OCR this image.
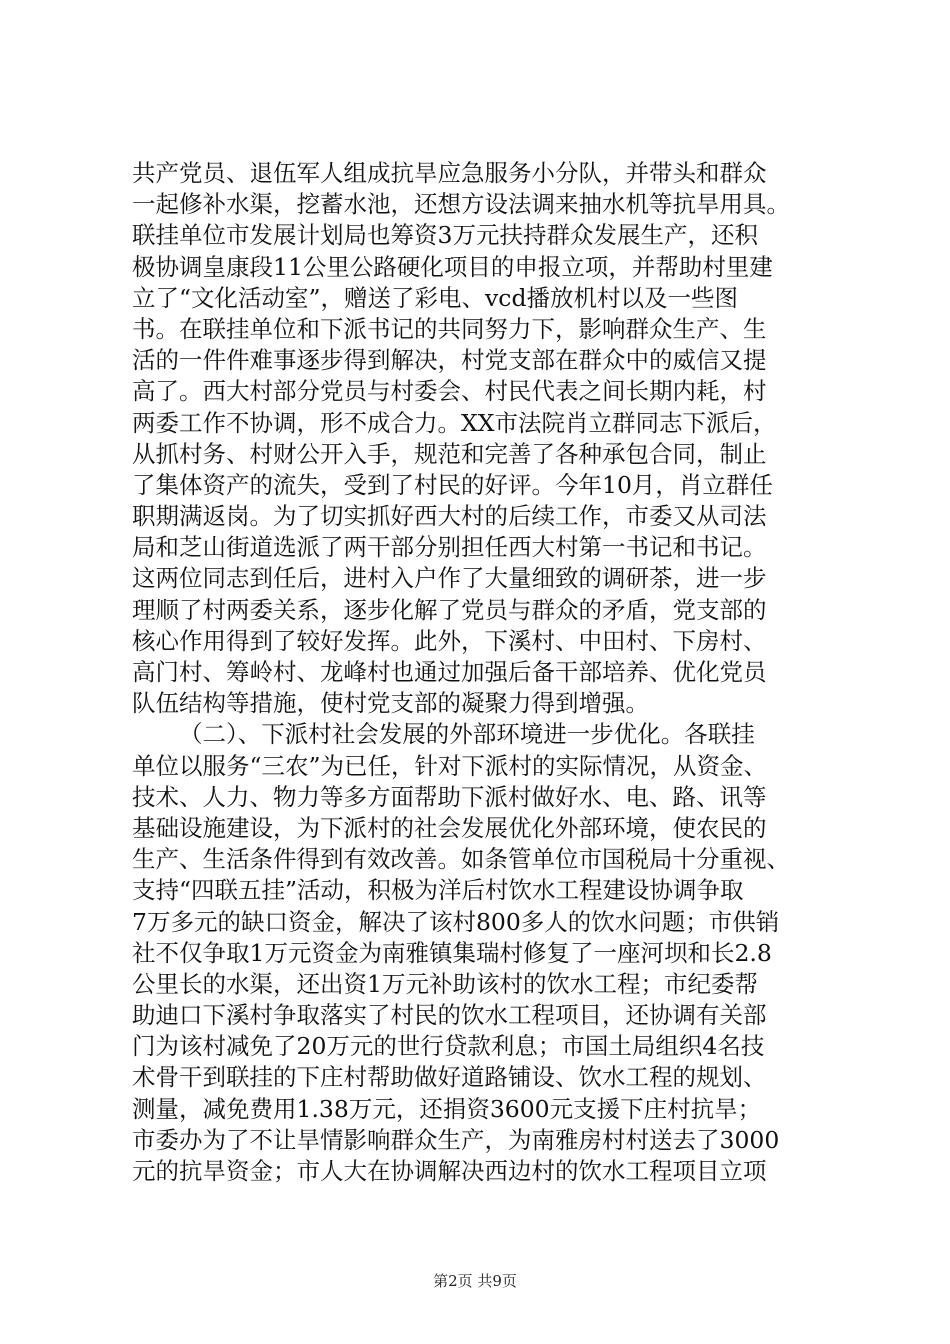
共产党员、退伍军人组成抗旱应急服务小分队，并带头和群众
一起修补水渠，挖蓄水池，还想方设法调来抽水机等抗旱用具。
联挂单位市发展计划局也筹资3万元扶持群众发展生产，还积
极协调皇康段11公里公路硬化项目的申报立项，并帮助村里建
立了“文化活动室”，赠送了彩电、vcd播放机村以及一些图
书。在联挂单位和下派书记的共同努力下，影响群众生产、生
活的一件件难事逐步得到解决，村党支部在群众中的威信又提
高了。西大村部分党员与村委会、村民代表之间长期内耗，村
两委工作不协调，形不成合力。XX市法院肖立群同志下派后，
从抓村务、村财公开入手，规范和完善了各种承包合同，制止
了集体资产的流失，受到了村民的好评。今年10月，肖立群任
职期满返岗。为了切实抓好西大村的后续工作，市委又从司法
局和芝山街道选派了两干部分别担任西大村第一书记和书记。
这两位同志到任后，进村入户作了大量细致的调研茶，进一步
理顺了村两委关系，逐步化解了党员与群众的矛盾，党支部的
核心作用得到了较好发挥。此外，下溪村、中田村、下房村、
高门村、筹岭村、龙峰村也通过加强后备干部培养、优化党员
队伍结构等措施，使村党支部的凝聚力得到增强。
（二）、下派村社会发展的外部环境进一步优化。各联挂
单位以服务“三农”为已任，针对下派村的实际情况，从资金、
技术、人力、物力等多方面帮助下派村做好水、电、路、讯等
基础设施建设，为下派村的社会发展优化外部环境，使农民的
生产、生活条件得到有效改善。如条管单位市国税局十分重视、
支持“四联五挂”活动，积极为洋后村饮水工程建设协调争取
7万多元的缺口资金，解决了该村800多人的饮水问题；市供销
社不仅争取1万元资金为南雅镇集瑞村修复了一座河坝和长2.8
公里长的水渠，还出资1万元补助该村的饮水工程；市纪委帮
助迪口下溪村争取落实了村民的饮水工程项目，还协调有关部
门为该村减免了20万元的世行贷款利息；市国土局组织4名技
术骨干到联挂的下庄村帮助做好道路铺设、饮水工程的规划、
测量，减免费用1.38万元，还捐资3600元支援下庄村抗旱；
市委办为了不让旱情影响群众生产，为南雅房村村送去了3000
元的抗旱资金；市人大在协调解决西边村的饮水工程项目立项
第2页 共9页
